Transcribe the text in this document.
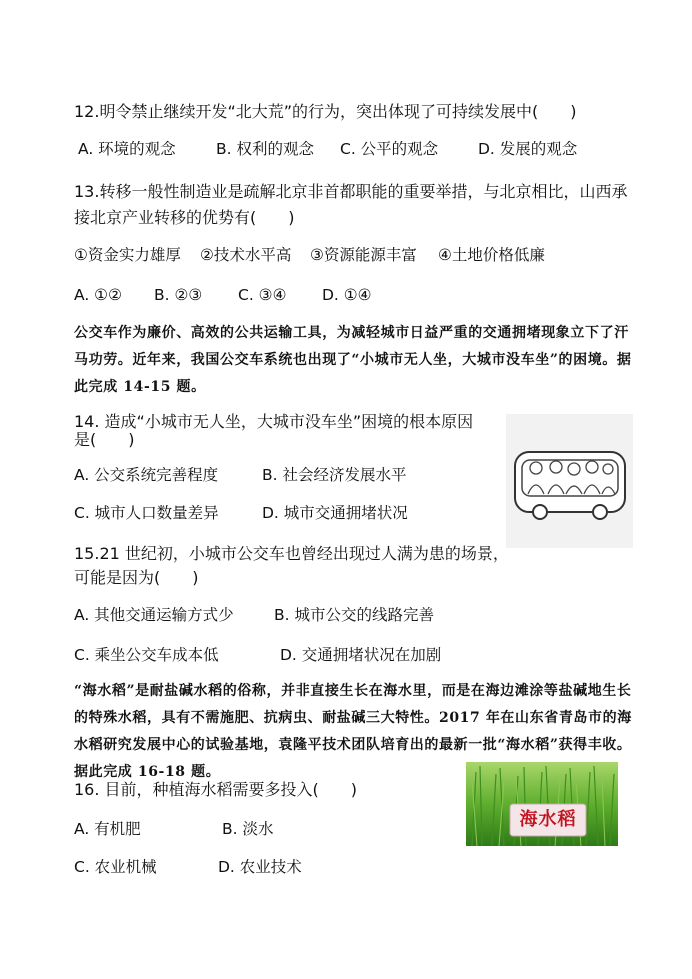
12.明令禁止继续开发“北大荒”的行为，突出体现了可持续发展中(　　)
A. 环境的观念	B. 权利的观念 C. 公平的观念	D. 发展的观念
13.转移一般性制造业是疏解北京非首都职能的重要举措，与北京相比，山西承
接北京产业转移的优势有(　　)
①资金实力雄厚 ②技术水平高 ③资源能源丰富 ④土地价格低廉
A. ①② B. ②③ C. ③④ D. ①④
公交车作为廉价、高效的公共运输工具，为减轻城市日益严重的交通拥堵现象立下了汗马功劳。近年来，我国公交车系统也出现了“小城市无人坐，大城市没车坐”的困境。据此完成 14-15 题。
14. 造成“小城市无人坐，大城市没车坐”困境的根本原因
是(　　)
A. 公交系统完善程度	B. 社会经济发展水平
C. 城市人口数量差异	D. 城市交通拥堵状况
15.21 世纪初，小城市公交车也曾经出现过人满为患的场景，
可能是因为(　　)
A. 其他交通运输方式少	B. 城市公交的线路完善
C. 乘坐公交车成本低	D. 交通拥堵状况在加剧
“海水稻”是耐盐碱水稻的俗称，并非直接生长在海水里，而是在海边滩涂等盐碱地生长的特殊水稻，具有不需施肥、抗病虫、耐盐碱三大特性。2017 年在山东省青岛市的海水稻研究发展中心的试验基地，袁隆平技术团队培育出的最新一批“海水稻”获得丰收。据此完成 16-18 题。
16. 目前，种植海水稻需要多投入(　　)
A. 有机肥	B. 淡水
C. 农业机械	D. 农业技术
海水稻
